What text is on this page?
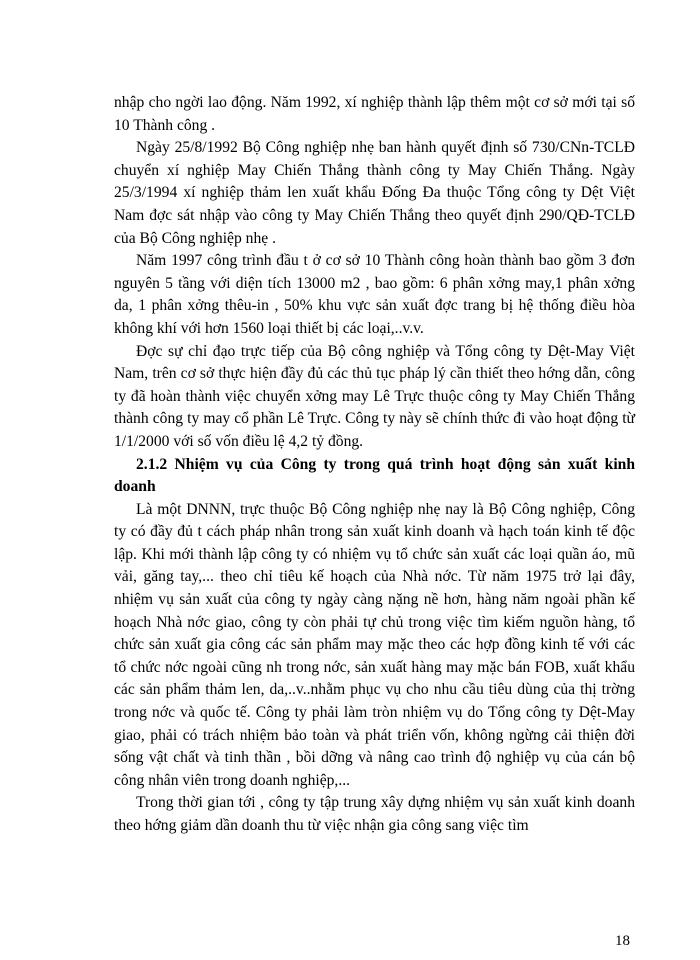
nhập cho ngời lao động. Năm 1992, xí nghiệp thành lập thêm một cơ sở mới tại số 10 Thành công .

Ngày 25/8/1992 Bộ Công nghiệp nhẹ ban hành quyết định số 730/CNn-TCLĐ chuyển xí nghiệp May Chiến Thắng thành công ty May Chiến Thắng. Ngày 25/3/1994 xí nghiệp thảm len xuất khẩu Đống Đa thuộc Tổng công ty Dệt Việt Nam đợc sát nhập vào công ty May Chiến Thắng theo quyết định 290/QĐ-TCLĐ của Bộ Công nghiệp nhẹ .

Năm 1997 công trình đầu t ở cơ sở 10 Thành công hoàn thành bao gồm 3 đơn nguyên 5 tầng với diện tích 13000 m2 , bao gồm: 6 phân xởng may,1 phân xởng da, 1 phân xởng thêu-in , 50% khu vực sản xuất đợc trang bị hệ thống điều hòa không khí với hơn 1560 loại thiết bị các loại,..v.v.

Đợc sự chỉ đạo trực tiếp của Bộ công nghiệp và Tổng công ty Dệt-May Việt Nam, trên cơ sở thực hiện đầy đủ các thủ tục pháp lý cần thiết theo hớng dẫn, công ty đã hoàn thành việc chuyển xởng may Lê Trực thuộc công ty May Chiến Thắng thành công ty may cổ phần Lê Trực. Công ty này sẽ chính thức đi vào hoạt động từ 1/1/2000 với số vốn điều lệ 4,2 tỷ đồng.

2.1.2 Nhiệm vụ của Công ty trong quá trình hoạt động sản xuất kinh doanh

Là một DNNN, trực thuộc Bộ Công nghiệp nhẹ nay là Bộ Công nghiệp, Công ty có đầy đủ t cách pháp nhân trong sản xuất kinh doanh và hạch toán kinh tế độc lập. Khi mới thành lập công ty có nhiệm vụ tổ chức sản xuất các loại quần áo, mũ vải, găng tay,... theo chỉ tiêu kế hoạch của Nhà nớc. Từ năm 1975 trở lại đây, nhiệm vụ sản xuất của công ty ngày càng nặng nề hơn, hàng năm ngoài phần kế hoạch Nhà nớc giao, công ty còn phải tự chủ trong việc tìm kiếm nguồn hàng, tổ chức sản xuất gia công các sản phẩm may mặc theo các hợp đồng kinh tế với các tổ chức nớc ngoài cũng nh trong nớc, sản xuất hàng may mặc bán FOB, xuất khẩu các sản phẩm thảm len, da,..v..nhằm phục vụ cho nhu cầu tiêu dùng của thị trờng trong nớc và quốc tế. Công ty phải làm tròn nhiệm vụ do Tổng công ty Dệt-May giao, phải có trách nhiệm bảo toàn và phát triển vốn, không ngừng cải thiện đời sống vật chất và tinh thần , bồi dỡng và nâng cao trình độ nghiệp vụ của cán bộ công nhân viên trong doanh nghiệp,...

Trong thời gian tới , công ty tập trung xây dựng nhiệm vụ sản xuất kinh doanh theo hớng giảm dần doanh thu từ việc nhận gia công sang việc tìm

18
